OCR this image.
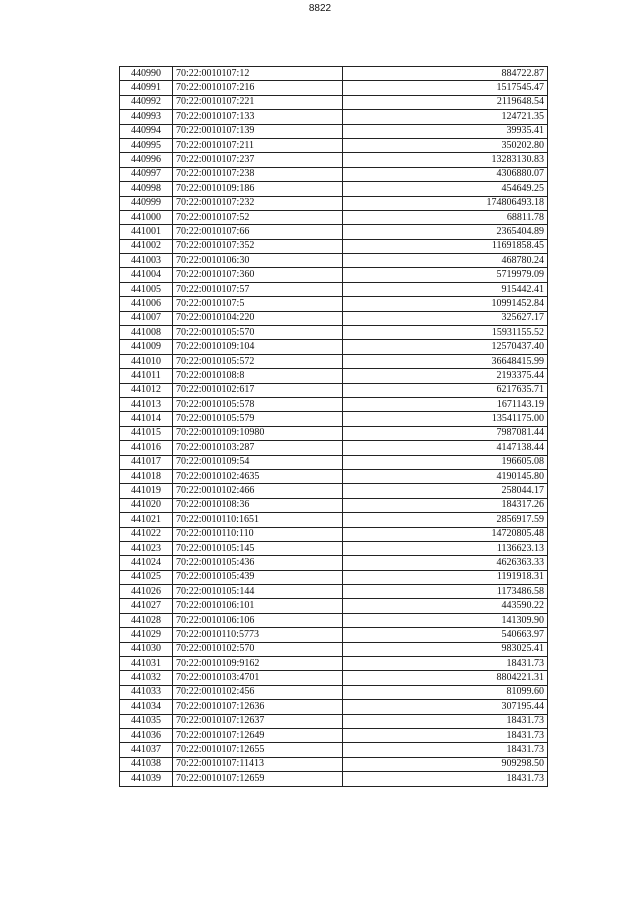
8822
440990	70:22:0010107:12	884722.87
440991	70:22:0010107:216	1517545.47
440992	70:22:0010107:221	2119648.54
440993	70:22:0010107:133	124721.35
440994	70:22:0010107:139	39935.41
440995	70:22:0010107:211	350202.80
440996	70:22:0010107:237	13283130.83
440997	70:22:0010107:238	4306880.07
440998	70:22:0010109:186	454649.25
440999	70:22:0010107:232	174806493.18
441000	70:22:0010107:52	68811.78
441001	70:22:0010107:66	2365404.89
441002	70:22:0010107:352	11691858.45
441003	70:22:0010106:30	468780.24
441004	70:22:0010107:360	5719979.09
441005	70:22:0010107:57	915442.41
441006	70:22:0010107:5	10991452.84
441007	70:22:0010104:220	325627.17
441008	70:22:0010105:570	15931155.52
441009	70:22:0010109:104	12570437.40
441010	70:22:0010105:572	36648415.99
441011	70:22:0010108:8	2193375.44
441012	70:22:0010102:617	6217635.71
441013	70:22:0010105:578	1671143.19
441014	70:22:0010105:579	13541175.00
441015	70:22:0010109:10980	7987081.44
441016	70:22:0010103:287	4147138.44
441017	70:22:0010109:54	196605.08
441018	70:22:0010102:4635	4190145.80
441019	70:22:0010102:466	258044.17
441020	70:22:0010108:36	184317.26
441021	70:22:0010110:1651	2856917.59
441022	70:22:0010110:110	14720805.48
441023	70:22:0010105:145	1136623.13
441024	70:22:0010105:436	4626363.33
441025	70:22:0010105:439	1191918.31
441026	70:22:0010105:144	1173486.58
441027	70:22:0010106:101	443590.22
441028	70:22:0010106:106	141309.90
441029	70:22:0010110:5773	540663.97
441030	70:22:0010102:570	983025.41
441031	70:22:0010109:9162	18431.73
441032	70:22:0010103:4701	8804221.31
441033	70:22:0010102:456	81099.60
441034	70:22:0010107:12636	307195.44
441035	70:22:0010107:12637	18431.73
441036	70:22:0010107:12649	18431.73
441037	70:22:0010107:12655	18431.73
441038	70:22:0010107:11413	909298.50
441039	70:22:0010107:12659	18431.73
